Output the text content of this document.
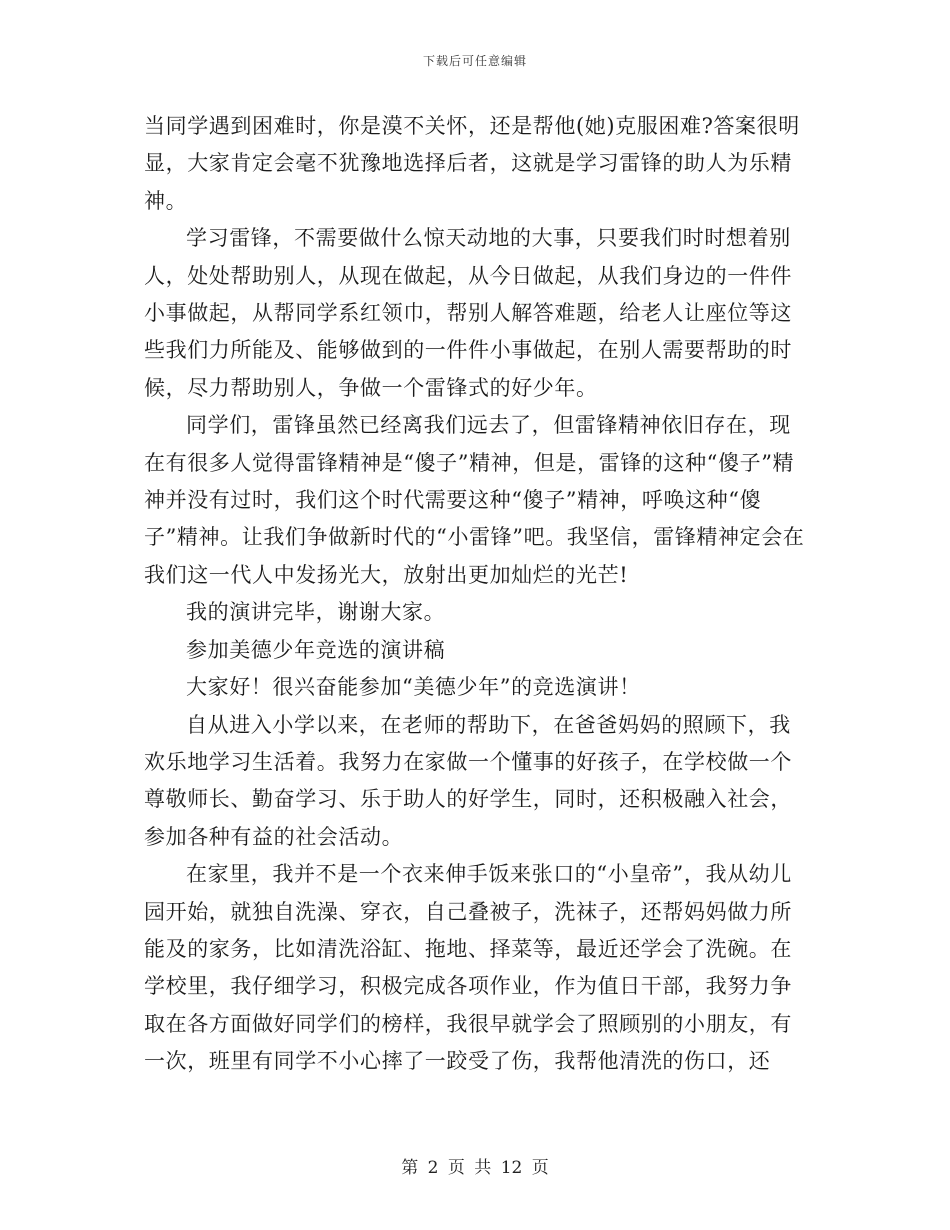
下载后可任意编辑

当同学遇到困难时，你是漠不关怀，还是帮他(她)克服困难?答案很明显，大家肯定会毫不犹豫地选择后者，这就是学习雷锋的助人为乐精神。

学习雷锋，不需要做什么惊天动地的大事，只要我们时时想着别人，处处帮助别人，从现在做起，从今日做起，从我们身边的一件件小事做起，从帮同学系红领巾，帮别人解答难题，给老人让座位等这些我们力所能及、能够做到的一件件小事做起，在别人需要帮助的时候，尽力帮助别人，争做一个雷锋式的好少年。

同学们，雷锋虽然已经离我们远去了，但雷锋精神依旧存在，现在有很多人觉得雷锋精神是“傻子”精神，但是，雷锋的这种“傻子”精神并没有过时，我们这个时代需要这种“傻子”精神，呼唤这种“傻子”精神。让我们争做新时代的“小雷锋”吧。我坚信，雷锋精神定会在我们这一代人中发扬光大，放射出更加灿烂的光芒!

我的演讲完毕，谢谢大家。

参加美德少年竞选的演讲稿

大家好！很兴奋能参加“美德少年”的竞选演讲！

自从进入小学以来，在老师的帮助下，在爸爸妈妈的照顾下，我欢乐地学习生活着。我努力在家做一个懂事的好孩子，在学校做一个尊敬师长、勤奋学习、乐于助人的好学生，同时，还积极融入社会，参加各种有益的社会活动。

在家里，我并不是一个衣来伸手饭来张口的“小皇帝”，我从幼儿园开始，就独自洗澡、穿衣，自己叠被子，洗袜子，还帮妈妈做力所能及的家务，比如清洗浴缸、拖地、择菜等，最近还学会了洗碗。在学校里，我仔细学习，积极完成各项作业，作为值日干部，我努力争取在各方面做好同学们的榜样，我很早就学会了照顾别的小朋友，有一次，班里有同学不小心摔了一跤受了伤，我帮他清洗的伤口，还

第 2 页 共 12 页
